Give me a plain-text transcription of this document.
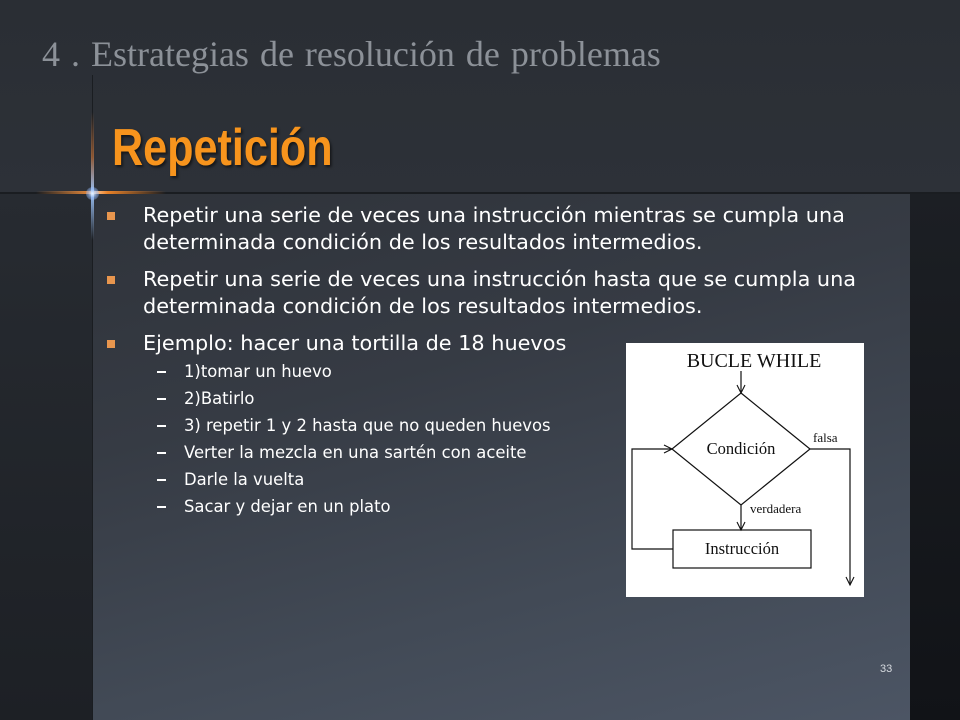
4 . Estrategias de resolución de problemas
Repetición
Repetir una serie de veces una instrucción mientras se cumpla una
determinada condición de los resultados intermedios.
Repetir una serie de veces una instrucción hasta que se cumpla una
determinada condición de los resultados intermedios.
Ejemplo: hacer una tortilla de 18 huevos
1)tomar un huevo
2)Batirlo
3) repetir 1 y 2 hasta que no queden huevos
Verter la mezcla en una sartén con aceite
Darle la vuelta
Sacar y dejar en un plato
BUCLE WHILE
Condición
falsa
verdadera
Instrucción
33
